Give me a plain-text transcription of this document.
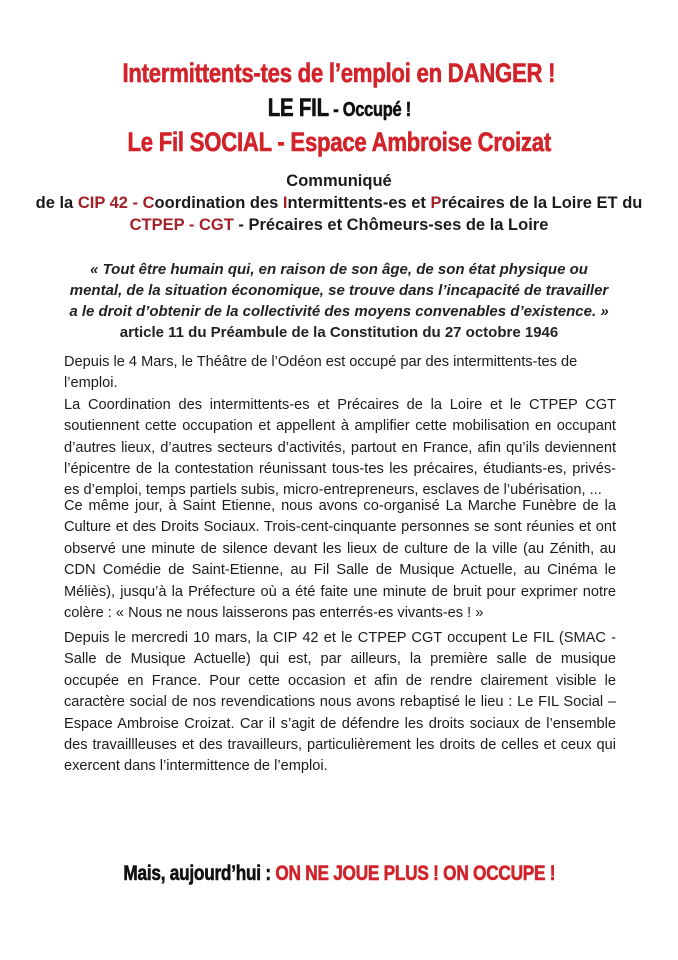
Intermittents-tes de l’emploi en DANGER !
LE FIL - Occupé !
Le Fil SOCIAL - Espace Ambroise Croizat
Communiqué
de la CIP 42 - Coordination des Intermittents-es et Précaires de la Loire ET du
CTPEP - CGT - Précaires et Chômeurs-ses de la Loire
« Tout être humain qui, en raison de son âge, de son état physique ou
mental, de la situation économique, se trouve dans l’incapacité de travailler
a le droit d’obtenir de la collectivité des moyens convenables d’existence. »
article 11 du Préambule de la Constitution du 27 octobre 1946
Depuis le 4 Mars, le Théâtre de l’Odéon est occupé par des intermittents-tes de l’emploi.
La Coordination des intermittents-es et Précaires de la Loire et le CTPEP CGT soutiennent cette occupation et appellent à amplifier cette mobilisation en occupant d’autres lieux, d’autres secteurs d’activités, partout en France, afin qu’ils deviennent l’épicentre de la contestation réunissant tous-tes les précaires, étudiants-es, privés-es d’emploi, temps partiels subis, micro-entrepreneurs, esclaves de l’ubérisation, ...
Ce même jour, à Saint Etienne, nous avons co-organisé La Marche Funèbre de la Culture et des Droits Sociaux. Trois-cent-cinquante personnes se sont réunies et ont observé une minute de silence devant les lieux de culture de la ville (au Zénith, au CDN Comédie de Saint-Etienne, au Fil Salle de Musique Actuelle, au Cinéma le Méliès), jusqu’à la Préfecture où a été faite une minute de bruit pour exprimer notre colère : « Nous ne nous laisserons pas enterrés-es vivants-es ! »
Depuis le mercredi 10 mars, la CIP 42 et le CTPEP CGT occupent Le FIL (SMAC - Salle de Musique Actuelle) qui est, par ailleurs, la première salle de musique occupée en France. Pour cette occasion et afin de rendre clairement visible le caractère social de nos revendications nous avons rebaptisé le lieu : Le FIL Social – Espace Ambroise Croizat. Car il s’agit de défendre les droits sociaux de l’ensemble des travaillleuses et des travailleurs, particulièrement les droits de celles et ceux qui exercent dans l’intermittence de l’emploi.
Mais, aujourd’hui : ON NE JOUE PLUS ! ON OCCUPE !
